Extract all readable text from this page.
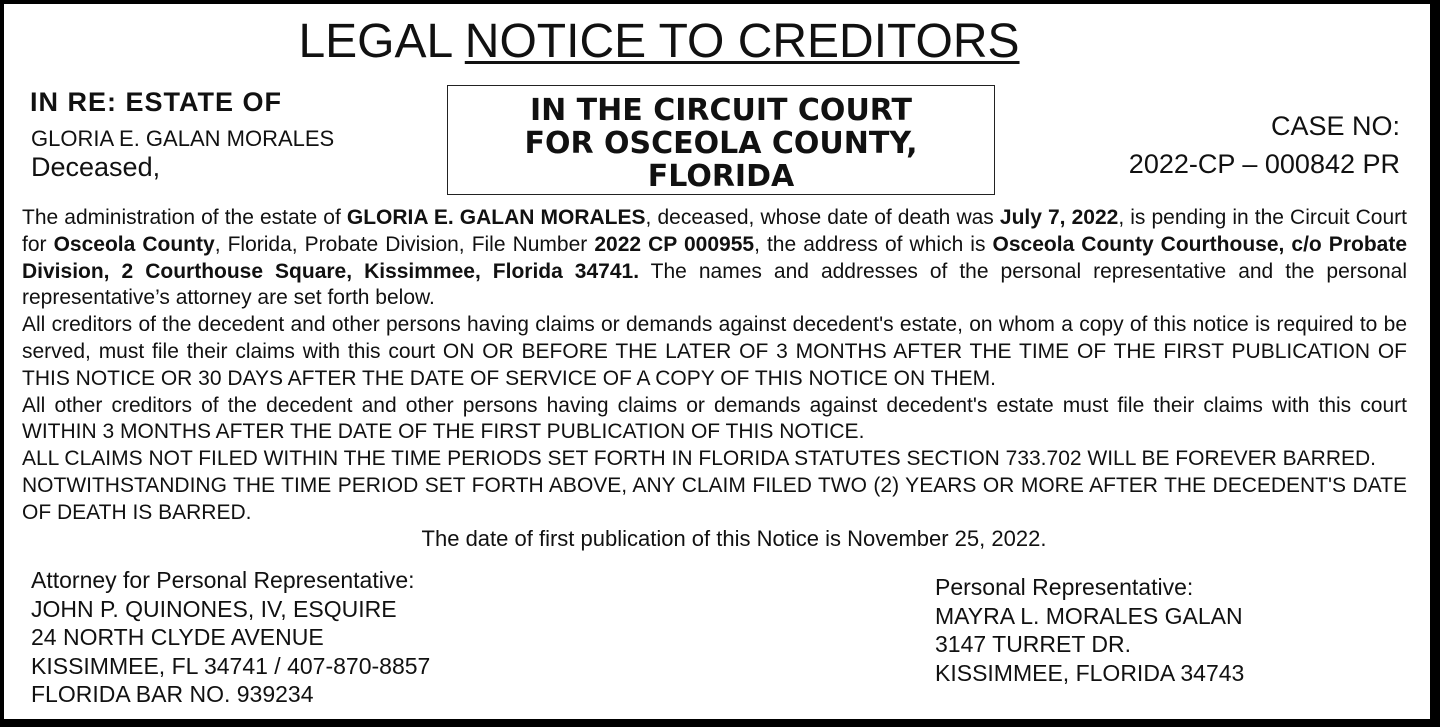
LEGAL NOTICE TO CREDITORS
IN RE: ESTATE OF
GLORIA E. GALAN MORALES
Deceased,
IN THE CIRCUIT COURT
FOR OSCEOLA COUNTY,
FLORIDA
CASE NO:
2022-CP – 000842 PR

The administration of the estate of GLORIA E. GALAN MORALES, deceased, whose date of death was July 7, 2022, is pending in the Circuit Court for Osceola County, Florida, Probate Division, File Number 2022 CP 000955, the address of which is Osceola County Courthouse, c/o Probate Division, 2 Courthouse Square, Kissimmee, Florida 34741. The names and addresses of the personal representative and the personal representative’s attorney are set forth below.

All creditors of the decedent and other persons having claims or demands against decedent's estate, on whom a copy of this notice is required to be served, must file their claims with this court ON OR BEFORE THE LATER OF 3 MONTHS AFTER THE TIME OF THE FIRST PUBLICATION OF THIS NOTICE OR 30 DAYS AFTER THE DATE OF SERVICE OF A COPY OF THIS NOTICE ON THEM.

All other creditors of the decedent and other persons having claims or demands against decedent's estate must file their claims with this court WITHIN 3 MONTHS AFTER THE DATE OF THE FIRST PUBLICATION OF THIS NOTICE.

ALL CLAIMS NOT FILED WITHIN THE TIME PERIODS SET FORTH IN FLORIDA STATUTES SECTION 733.702 WILL BE FOREVER BARRED.

NOTWITHSTANDING THE TIME PERIOD SET FORTH ABOVE, ANY CLAIM FILED TWO (2) YEARS OR MORE AFTER THE DECEDENT'S DATE OF DEATH IS BARRED.

The date of first publication of this Notice is November 25, 2022.
Attorney for Personal Representative:
JOHN P. QUINONES, IV, ESQUIRE
24 NORTH CLYDE AVENUE
KISSIMMEE, FL 34741 / 407-870-8857
FLORIDA BAR NO. 939234
Personal Representative:
MAYRA L. MORALES GALAN
3147 TURRET DR.
KISSIMMEE, FLORIDA 34743
